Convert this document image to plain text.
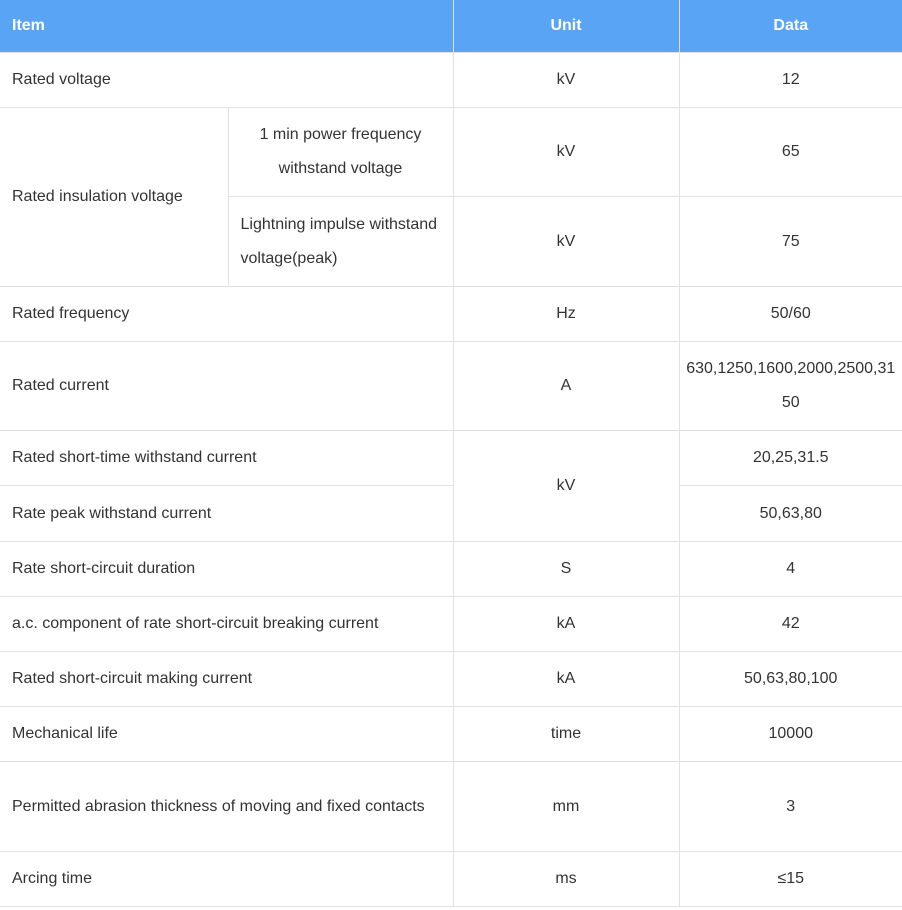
Item		Unit	Data
Rated voltage		kV	12
Rated insulation voltage	1 min power frequency withstand voltage	kV	65
	Lightning impulse withstand voltage(peak)	kV	75
Rated frequency		Hz	50/60
Rated current		A	630,1250,1600,2000,2500,3150
Rated short-time withstand current		kV	20,25,31.5
Rate peak withstand current			50,63,80
Rate short-circuit duration		S	4
a.c. component of rate short-circuit breaking current		kA	42
Rated short-circuit making current		kA	50,63,80,100
Mechanical life		time	10000
Permitted abrasion thickness of moving and fixed contacts		mm	3
Arcing time		ms	≤15
